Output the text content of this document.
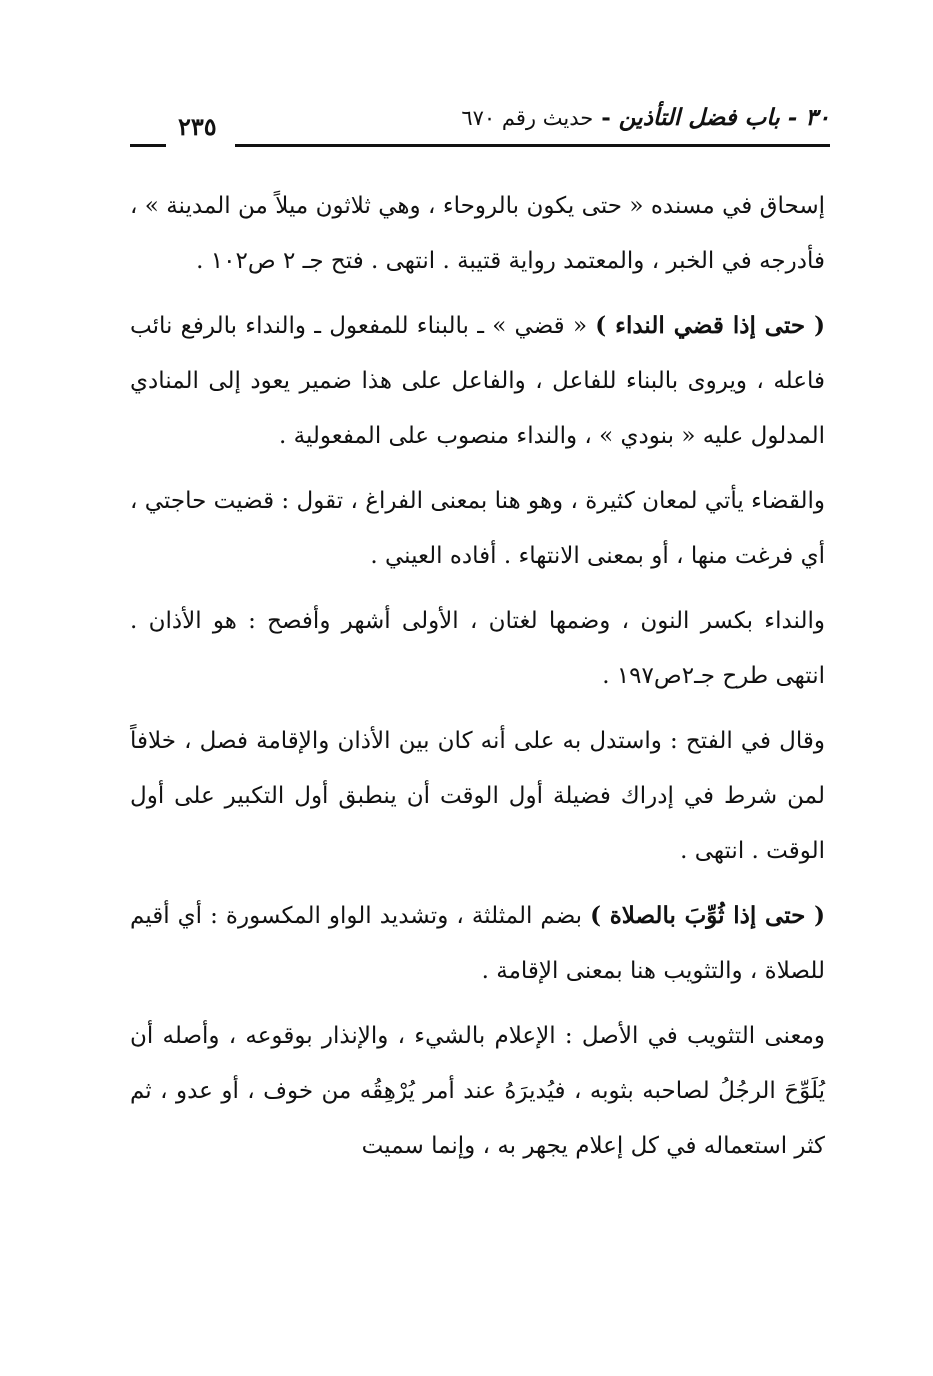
٣٠ - باب فضل التأذين - حديث رقم ٦٧٠
٢٣٥

إسحاق في مسنده « حتى يكون بالروحاء ، وهي ثلاثون ميلاً من المدينة » ، فأدرجه في الخبر ، والمعتمد رواية قتيبة . انتهى . فتح جـ ٢ ص١٠٢ .

( حتى إذا قضي النداء ) « قضي » ـ بالبناء للمفعول ـ والنداء بالرفع نائب فاعله ، ويروى بالبناء للفاعل ، والفاعل على هذا ضمير يعود إلى المنادي المدلول عليه « بنودي » ، والنداء منصوب على المفعولية .

والقضاء يأتي لمعان كثيرة ، وهو هنا بمعنى الفراغ ، تقول : قضيت حاجتي ، أي فرغت منها ، أو بمعنى الانتهاء . أفاده العيني .

والنداء بكسر النون ، وضمها لغتان ، الأولى أشهر وأفصح : هو الأذان . انتهى طرح جـ٢ص١٩٧ .

وقال في الفتح : واستدل به على أنه كان بين الأذان والإقامة فصل ، خلافاً لمن شرط في إدراك فضيلة أول الوقت أن ينطبق أول التكبير على أول الوقت . انتهى .

( حتى إذا ثُوِّبَ بالصلاة ) بضم المثلثة ، وتشديد الواو المكسورة : أي أقيم للصلاة ، والتثويب هنا بمعنى الإقامة .

ومعنى التثويب في الأصل : الإعلام بالشيء ، والإنذار بوقوعه ، وأصله أن يُلَوِّحَ الرجُلُ لصاحبه بثوبه ، فيُديرَهُ عند أمر يُرْهِقُه من خوف ، أو عدو ، ثم كثر استعماله في كل إعلام يجهر به ، وإنما سميت
